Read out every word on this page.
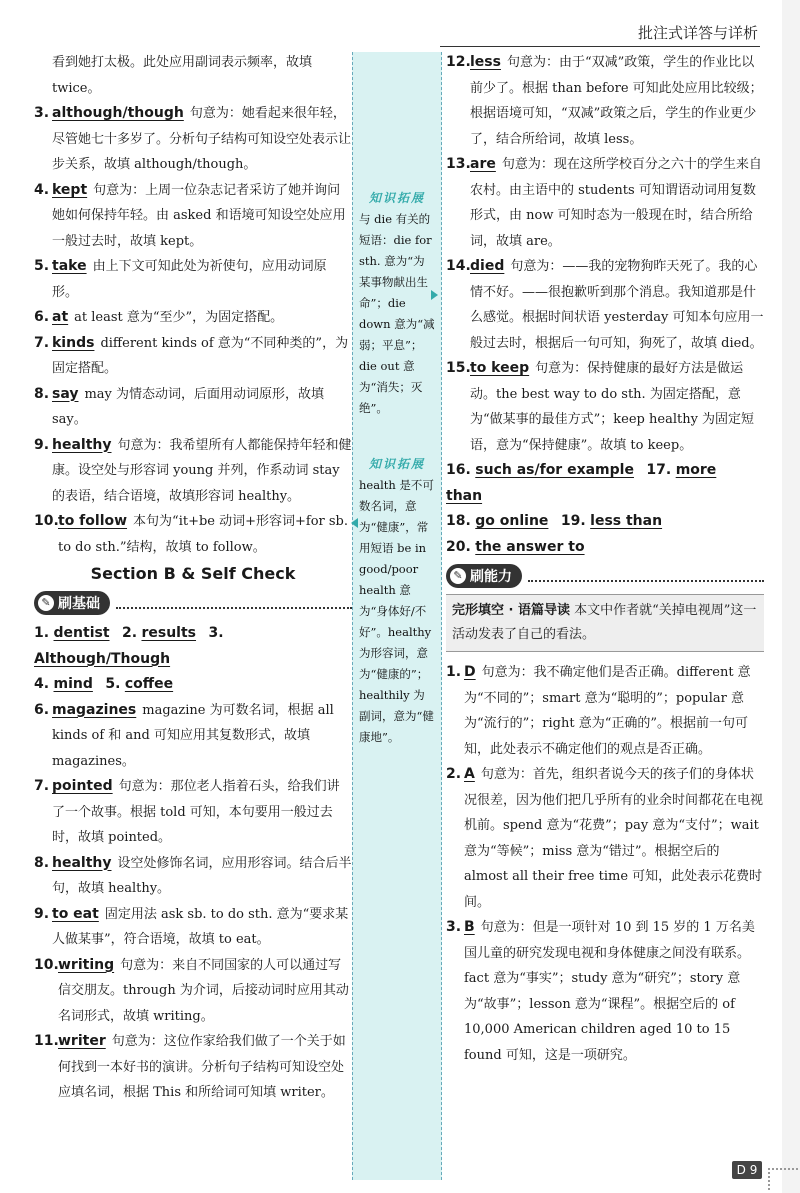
批注式详答与详析

看到她打太极。此处应用副词表示频率，故填 twice。

3. although/though 句意为：她看起来很年轻，尽管她七十多岁了。分析句子结构可知设空处表示让步关系，故填 although/though。

4. kept 句意为：上周一位杂志记者采访了她并询问她如何保持年轻。由 asked 和语境可知设空处应用一般过去时，故填 kept。

5. take 由上下文可知此处为祈使句，应用动词原形。

6. at at least 意为“至少”，为固定搭配。

7. kinds different kinds of 意为“不同种类的”，为固定搭配。

8. say may 为情态动词，后面用动词原形，故填 say。

9. healthy 句意为：我希望所有人都能保持年轻和健康。设空处与形容词 young 并列，作系动词 stay 的表语，结合语境，故填形容词 healthy。

10. to follow 本句为“it+be 动词+形容词+for sb. to do sth.”结构，故填 to follow。

Section B & Self Check
✎ 刷基础
1. dentist 2. results 3. Although/Though
4. mind 5. coffee

6. magazines magazine 为可数名词，根据 all kinds of 和 and 可知应用其复数形式，故填 magazines。

7. pointed 句意为：那位老人指着石头，给我们讲了一个故事。根据 told 可知，本句要用一般过去时，故填 pointed。

8. healthy 设空处修饰名词，应用形容词。结合后半句，故填 healthy。

9. to eat 固定用法 ask sb. to do sth. 意为“要求某人做某事”，符合语境，故填 to eat。

10. writing 句意为：来自不同国家的人可以通过写信交朋友。through 为介词，后接动词时应用其动名词形式，故填 writing。

11. writer 句意为：这位作家给我们做了一个关于如何找到一本好书的演讲。分析句子结构可知设空处应填名词，根据 This 和所给词可知填 writer。

知识拓展
与 die 有关的短语：die for sth. 意为“为某事物献出生命”；die down 意为“减弱；平息”；die out 意为“消失；灭绝”。
知识拓展
health 是不可数名词，意为“健康”，常用短语 be in good/poor health 意为“身体好/不好”。healthy 为形容词，意为“健康的”；healthily 为副词，意为“健康地”。

12. less 句意为：由于“双减”政策，学生的作业比以前少了。根据 than before 可知此处应用比较级；根据语境可知，“双减”政策之后，学生的作业更少了，结合所给词，故填 less。

13. are 句意为：现在这所学校百分之六十的学生来自农村。由主语中的 students 可知谓语动词用复数形式，由 now 可知时态为一般现在时，结合所给词，故填 are。

14. died 句意为：——我的宠物狗昨天死了。我的心情不好。——很抱歉听到那个消息。我知道那是什么感觉。根据时间状语 yesterday 可知本句应用一般过去时，根据后一句可知，狗死了，故填 died。

15. to keep 句意为：保持健康的最好方法是做运动。the best way to do sth. 为固定搭配，意为“做某事的最佳方式”；keep healthy 为固定短语，意为“保持健康”。故填 to keep。

16. such as/for example 17. more than
18. go online 19. less than
20. the answer to
✎ 刷能力
完形填空 · 语篇导读 本文中作者就“关掉电视周”这一活动发表了自己的看法。

1. D 句意为：我不确定他们是否正确。different 意为“不同的”；smart 意为“聪明的”；popular 意为“流行的”；right 意为“正确的”。根据前一句可知，此处表示不确定他们的观点是否正确。

2. A 句意为：首先，组织者说今天的孩子们的身体状况很差，因为他们把几乎所有的业余时间都花在电视机前。spend 意为“花费”；pay 意为“支付”；wait 意为“等候”；miss 意为“错过”。根据空后的 almost all their free time 可知，此处表示花费时间。

3. B 句意为：但是一项针对 10 到 15 岁的 1 万名美国儿童的研究发现电视和身体健康之间没有联系。fact 意为“事实”；study 意为“研究”；story 意为“故事”；lesson 意为“课程”。根据空后的 of 10,000 American children aged 10 to 15 found 可知，这是一项研究。

D 9
